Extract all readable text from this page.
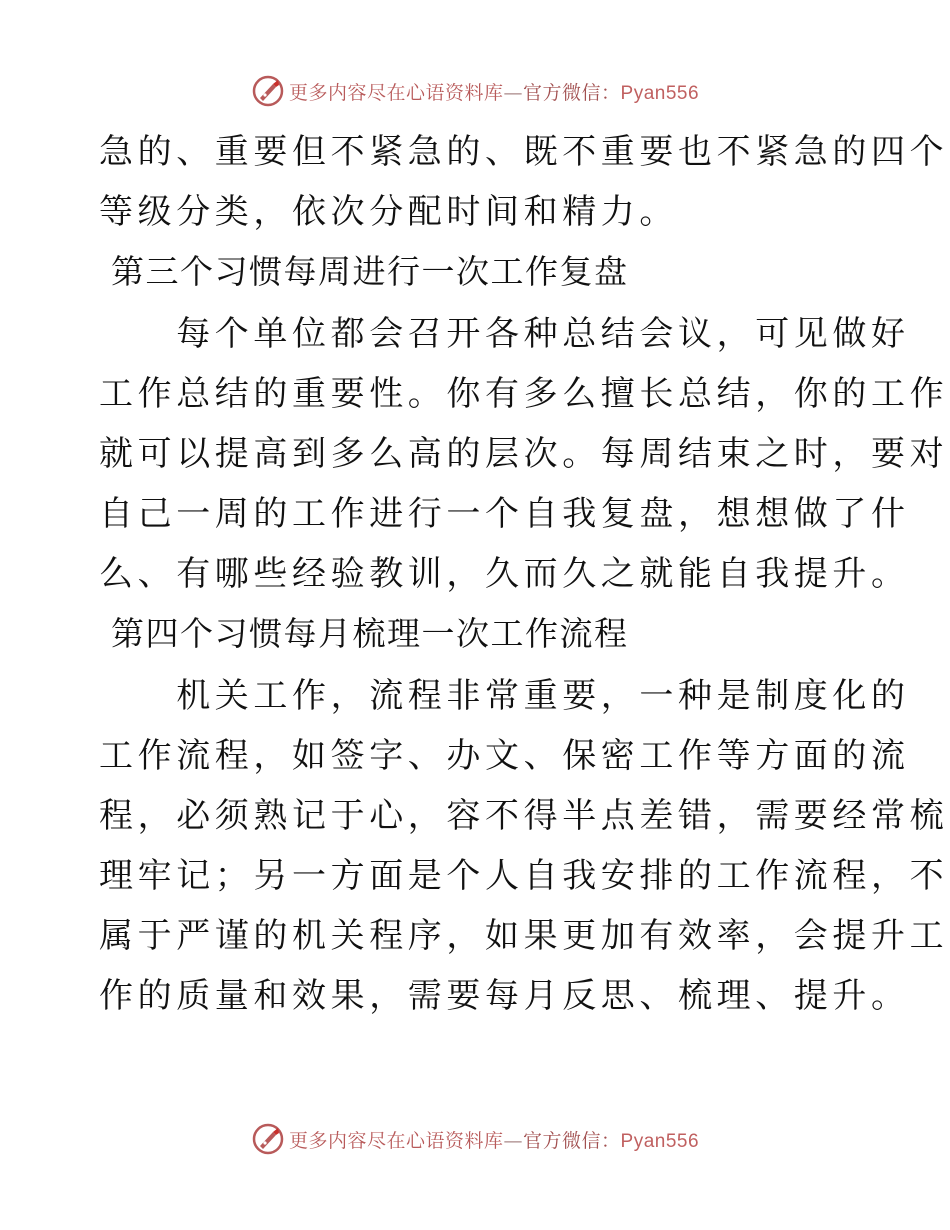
更多内容尽在心语资料库—官方微信：Pyan556

急的、重要但不紧急的、既不重要也不紧急的四个

等级分类，依次分配时间和精力。

第三个习惯每周进行一次工作复盘

　　每个单位都会召开各种总结会议，可见做好

工作总结的重要性。你有多么擅长总结，你的工作

就可以提高到多么高的层次。每周结束之时，要对

自己一周的工作进行一个自我复盘，想想做了什

么、有哪些经验教训，久而久之就能自我提升。

第四个习惯每月梳理一次工作流程

　　机关工作，流程非常重要，一种是制度化的

工作流程，如签字、办文、保密工作等方面的流

程，必须熟记于心，容不得半点差错，需要经常梳

理牢记；另一方面是个人自我安排的工作流程，不

属于严谨的机关程序，如果更加有效率，会提升工

作的质量和效果，需要每月反思、梳理、提升。

更多内容尽在心语资料库—官方微信：Pyan556
